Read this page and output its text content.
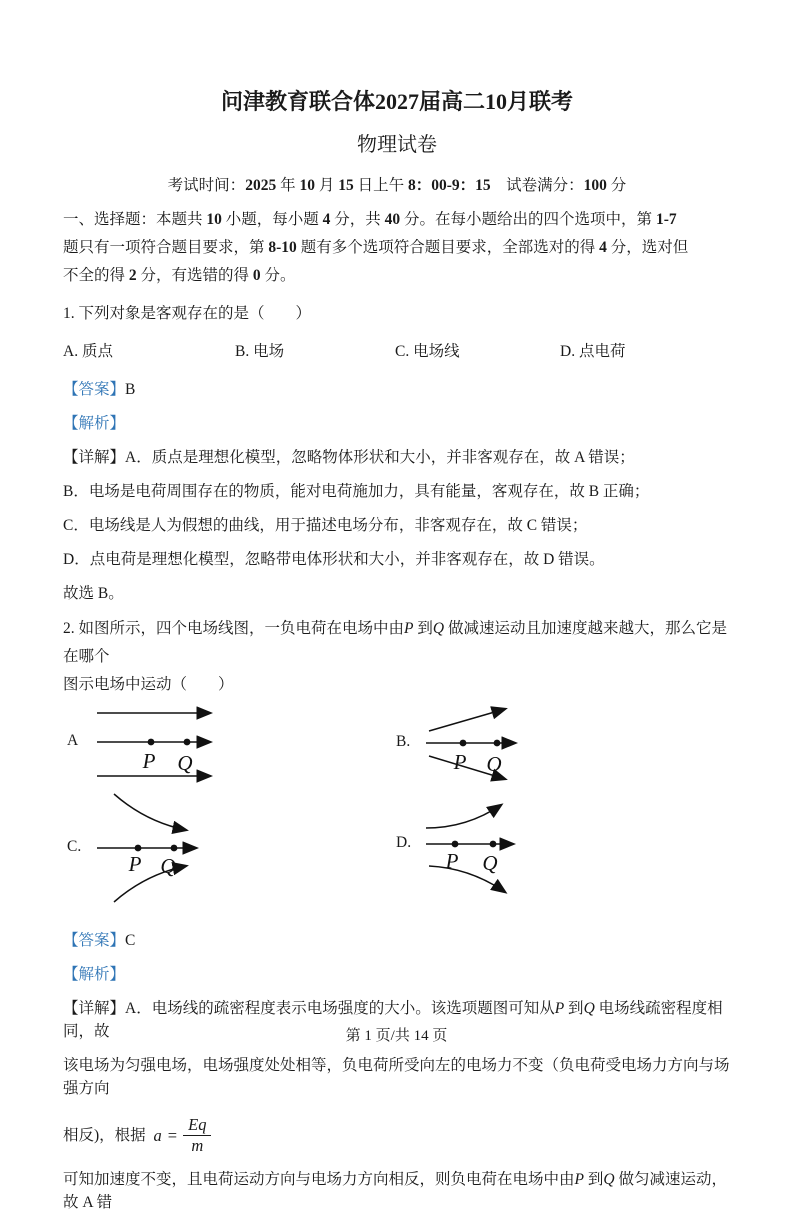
问津教育联合体2027届高二10月联考
物理试卷
考试时间：2025 年 10 月 15 日上午 8：00-9：15　试卷满分：100 分
一、选择题：本题共 10 小题，每小题 4 分，共 40 分。在每小题给出的四个选项中，第 1-7
题只有一项符合题目要求，第 8-10 题有多个选项符合题目要求，全部选对的得 4 分，选对但
不全的得 2 分，有选错的得 0 分。
1. 下列对象是客观存在的是（　　）
A. 质点	B. 电场	C. 电场线	D. 点电荷
【答案】B
【解析】
【详解】A．质点是理想化模型，忽略物体形状和大小，并非客观存在，故 A 错误；
B．电场是电荷周围存在的物质，能对电荷施加力，具有能量，客观存在，故 B 正确；
C．电场线是人为假想的曲线，用于描述电场分布，非客观存在，故 C 错误；
D．点电荷是理想化模型，忽略带电体形状和大小，并非客观存在，故 D 错误。
故选 B。
2. 如图所示，四个电场线图，一负电荷在电场中由P 到Q 做减速运动且加速度越来越大，那么它是在哪个
图示电场中运动（　　）
A
P Q
B.
P Q
C.
P Q
D.
P Q
【答案】C
【解析】
【详解】A．电场线的疏密程度表示电场强度的大小。该选项题图可知从P 到Q 电场线疏密程度相同，故
该电场为匀强电场，电场强度处处相等，负电荷所受向左的电场力不变（负电荷受电场力方向与场强方向
相反)，根据 $a = \frac{Eq}{m}$
可知加速度不变，且电荷运动方向与电场力方向相反，则负电荷在电场中由P 到Q 做匀减速运动，故 A 错
第 1 页/共 14 页
